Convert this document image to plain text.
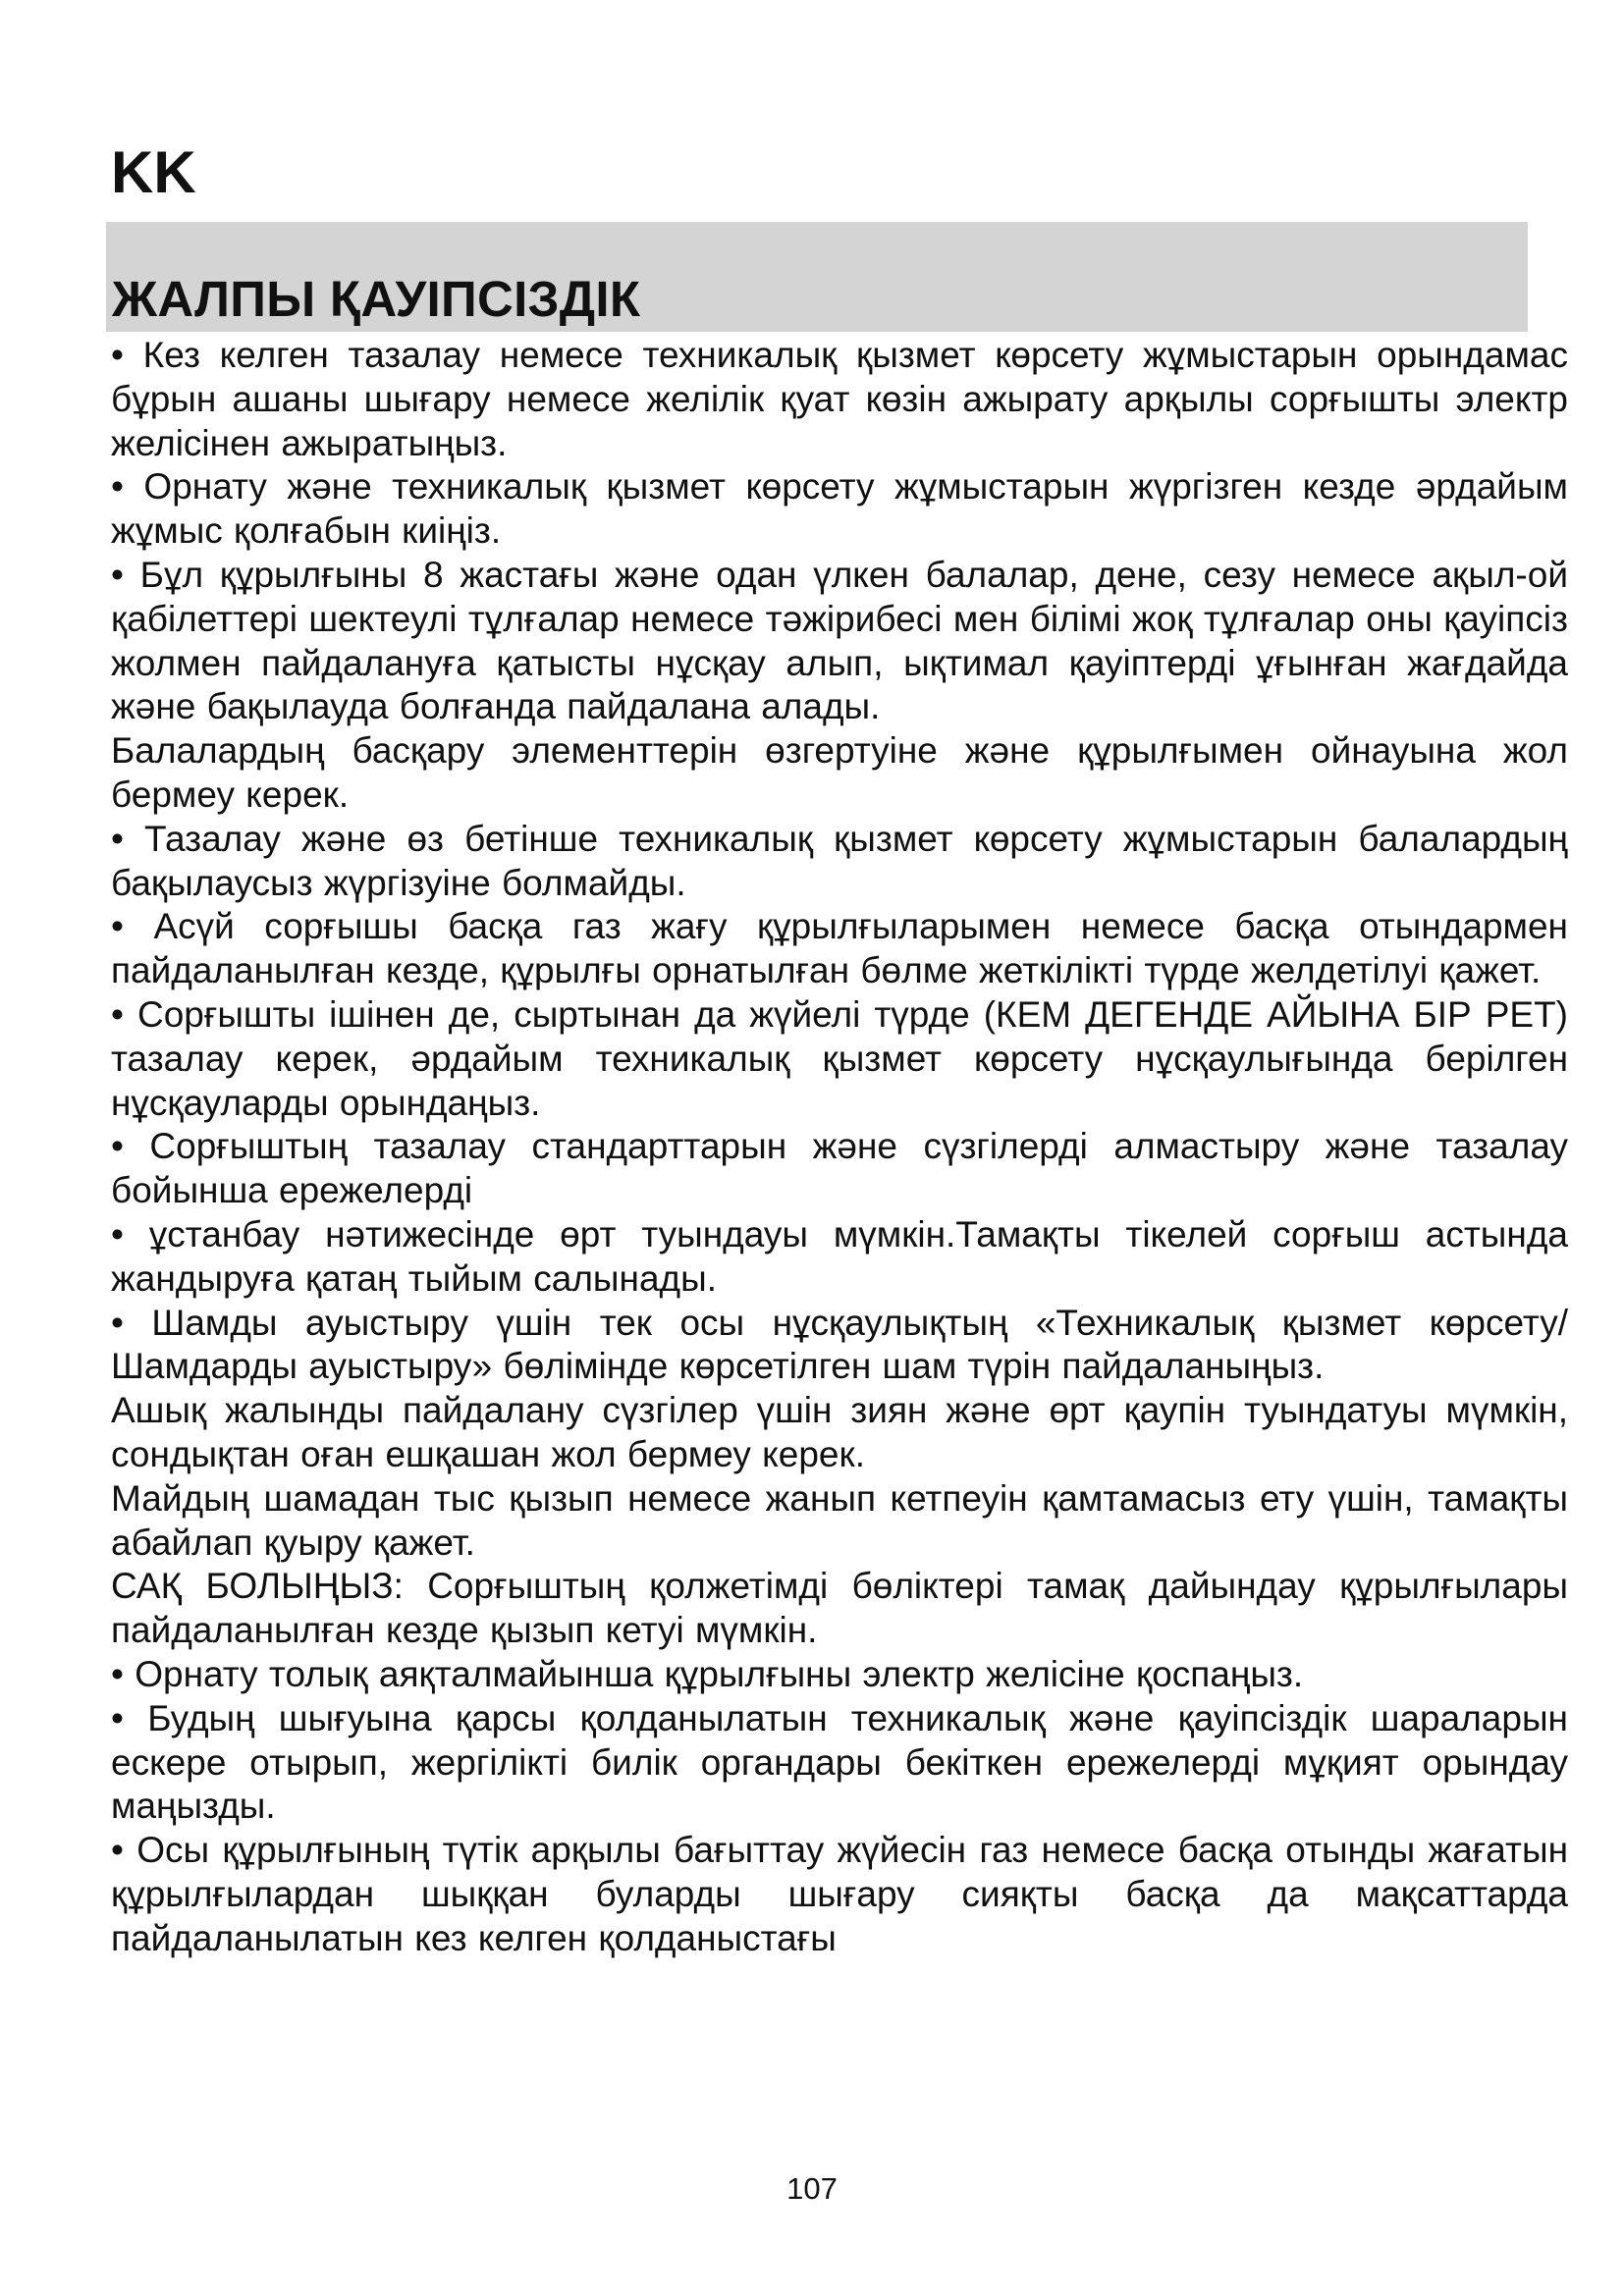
KK
ЖАЛПЫ ҚАУІПСІЗДІК

• Кез келген тазалау немесе техникалық қызмет көрсету жұмыстарын орындамас бұрын ашаны шығару немесе желілік қуат көзін ажырату арқылы сорғышты электр желісінен ажыратыңыз.

• Орнату және техникалық қызмет көрсету жұмыстарын жүргізген кезде әрдайым жұмыс қолғабын киіңіз.

• Бұл құрылғыны 8 жастағы және одан үлкен балалар, дене, сезу немесе ақыл-ой қабілеттері шектеулі тұлғалар немесе тәжірибесі мен білімі жоқ тұлғалар оны қауіпсіз жолмен пайдалануға қатысты нұсқау алып, ықтимал қауіптерді ұғынған жағдайда және бақылауда болғанда пайдалана алады.

Балалардың басқару элементтерін өзгертуіне және құрылғымен ойнауына жол бермеу керек.

• Тазалау және өз бетінше техникалық қызмет көрсету жұмыстарын балалардың бақылаусыз жүргізуіне болмайды.

• Асүй сорғышы басқа газ жағу құрылғыларымен немесе басқа отындармен пайдаланылған кезде, құрылғы орнатылған бөлме жеткілікті түрде желдетілуі қажет.

• Сорғышты ішінен де, сыртынан да жүйелі түрде (КЕМ ДЕГЕНДЕ АЙЫНА БІР РЕТ) тазалау керек, әрдайым техникалық қызмет көрсету нұсқаулығында берілген нұсқауларды орындаңыз.

• Сорғыштың тазалау стандарттарын және сүзгілерді алмастыру және тазалау бойынша ережелерді

• ұстанбау нәтижесінде өрт туындауы мүмкін.Тамақты тікелей сорғыш астында жандыруға қатаң тыйым салынады.

• Шамды ауыстыру үшін тек осы нұсқаулықтың «Техникалық қызмет көрсету/Шамдарды ауыстыру» бөлімінде көрсетілген шам түрін пайдаланыңыз.

Ашық жалынды пайдалану сүзгілер үшін зиян және өрт қаупін туындатуы мүмкін, сондықтан оған ешқашан жол бермеу керек.

Майдың шамадан тыс қызып немесе жанып кетпеуін қамтамасыз ету үшін, тамақты абайлап қуыру қажет.

САҚ БОЛЫҢЫЗ: Сорғыштың қолжетімді бөліктері тамақ дайындау құрылғылары пайдаланылған кезде қызып кетуі мүмкін.

• Орнату толық аяқталмайынша құрылғыны электр желісіне қоспаңыз.

• Будың шығуына қарсы қолданылатын техникалық және қауіпсіздік шараларын ескере отырып, жергілікті билік органдары бекіткен ережелерді мұқият орындау маңызды.

• Осы құрылғының түтік арқылы бағыттау жүйесін газ немесе басқа отынды жағатын құрылғылардан шыққан буларды шығару сияқты басқа да мақсаттарда пайдаланылатын кез келген қолданыстағы

107
